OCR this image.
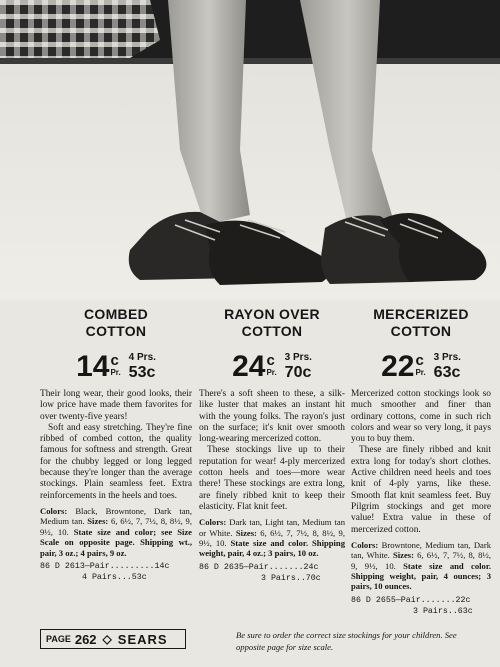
COMBED
COTTON
14 c
Pr.
4 Prs.
53c

Their long wear, their good looks, their low price have made them favorites for over twenty-five years!

Soft and easy stretching. They're fine ribbed of combed cotton, the quality famous for softness and strength. Great for the chubby legged or long legged because they're longer than the average stockings. Plain seamless feet. Extra reinforcements in the heels and toes.

Colors: Black, Browntone, Dark tan, Medium tan. Sizes: 6, 6½, 7, 7½, 8, 8½, 9, 9½, 10. State size and color; see Size Scale on opposite page. Shipping wt., pair, 3 oz.; 4 pairs, 9 oz.
86 D 2613—Pair.........14c
4 Pairs...53c
RAYON OVER
COTTON
24 c
Pr.
3 Prs.
70c

There's a soft sheen to these, a silk-like luster that makes an instant hit with the young folks. The rayon's just on the surface; it's knit over smooth long-wearing mercerized cotton.

These stockings live up to their reputation for wear! 4-ply mercerized cotton heels and toes—more wear there! These stockings are extra long, are finely ribbed knit to keep their elasticity. Flat knit feet.

Colors: Dark tan, Light tan, Medium tan or White. Sizes: 6, 6½, 7, 7½, 8, 8½, 9, 9½, 10. State size and color. Shipping weight, pair, 4 oz.; 3 pairs, 10 oz.
86 D 2635—Pair.......24c
3 Pairs..70c
MERCERIZED
COTTON
22 c
Pr.
3 Prs.
63c

Mercerized cotton stockings look so much smoother and finer than ordinary cottons, come in such rich colors and wear so very long, it pays you to buy them.

These are finely ribbed and knit extra long for today's short clothes. Active children need heels and toes knit of 4-ply yarns, like these. Smooth flat knit seamless feet. Buy Pilgrim stockings and get more value! Extra value in these of mercerized cotton.

Colors: Browntone, Medium tan, Dark tan, White. Sizes: 6, 6½, 7, 7½, 8, 8½, 9, 9½, 10. State size and color. Shipping weight, pair, 4 ounces; 3 pairs, 10 ounces.
86 D 2655—Pair.......22c
3 Pairs..63c
PAGE 262 ◇ SEARS	Be sure to order the correct size stockings for your children. See opposite page for size scale.
